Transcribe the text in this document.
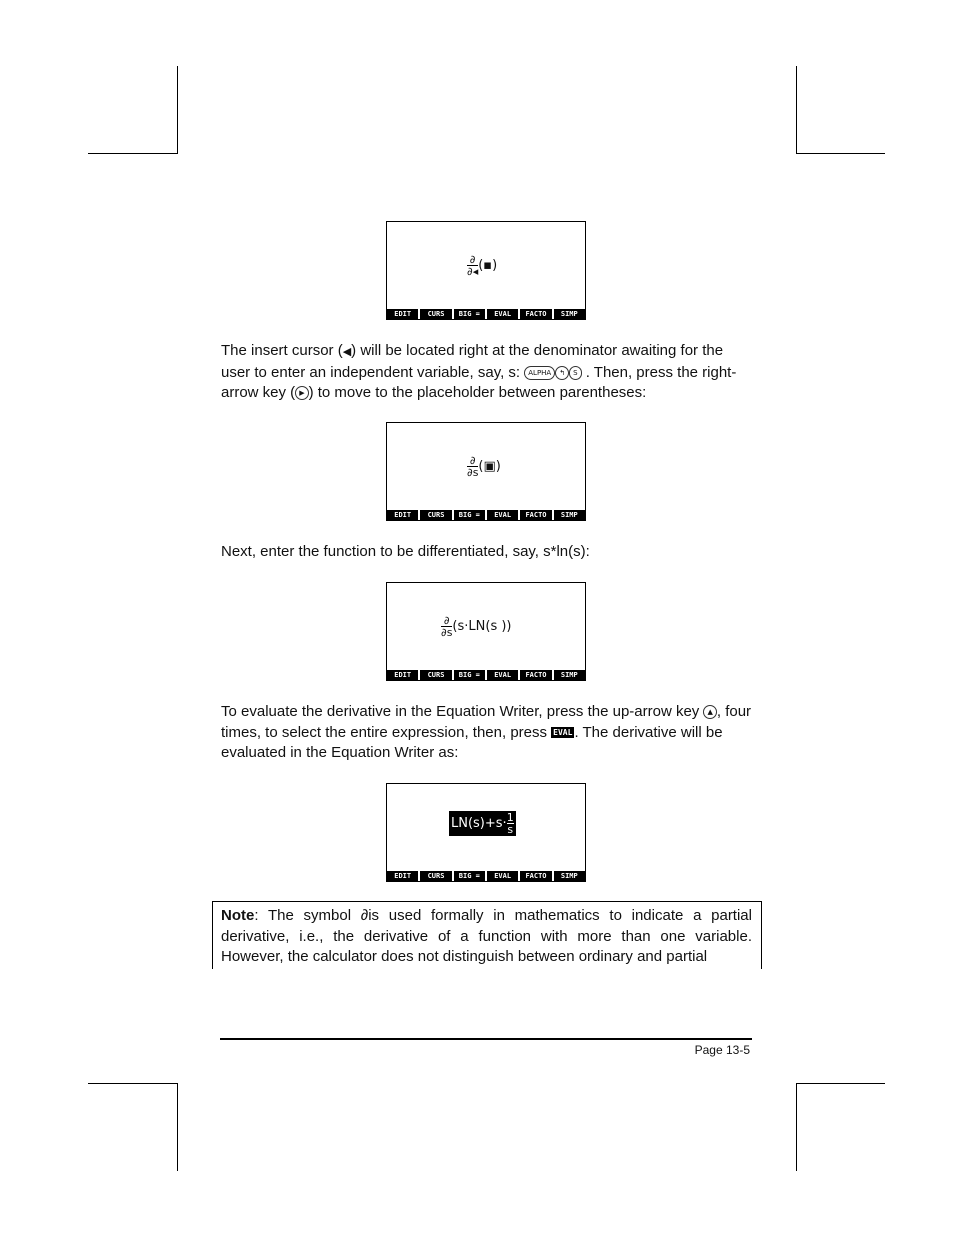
$\frac{\partial}{\partial◂}$ (▪)
EDIT	CURS	BIG =	EVAL	FACTO	SIMP
The insert cursor (◀) will be located right at the denominator awaiting for the user to enter an independent variable, say, s: ALPHA ↰ S . Then, press the right-arrow key ( ▶ ) to move to the placeholder between parentheses:
$\frac{\partial}{\partial s}$ (▣)
EDIT	CURS	BIG =	EVAL	FACTO	SIMP
Next, enter the function to be differentiated, say, s*ln(s):
$\frac{\partial}{\partial s} (s\cdot LN(s$ ))
EDIT	CURS	BIG =	EVAL	FACTO	SIMP
To evaluate the derivative in the Equation Writer, press the up-arrow key ▲ , four times, to select the entire expression, then, press EVAL . The derivative will be evaluated in the Equation Writer as:
$LN(s)+s\cdot \frac{1}{s}$
EDIT	CURS	BIG =	EVAL	FACTO	SIMP

Note: The symbol ∂is used formally in mathematics to indicate a partial derivative, i.e., the derivative of a function with more than one variable. However, the calculator does not distinguish between ordinary and partial

Page 13-5
